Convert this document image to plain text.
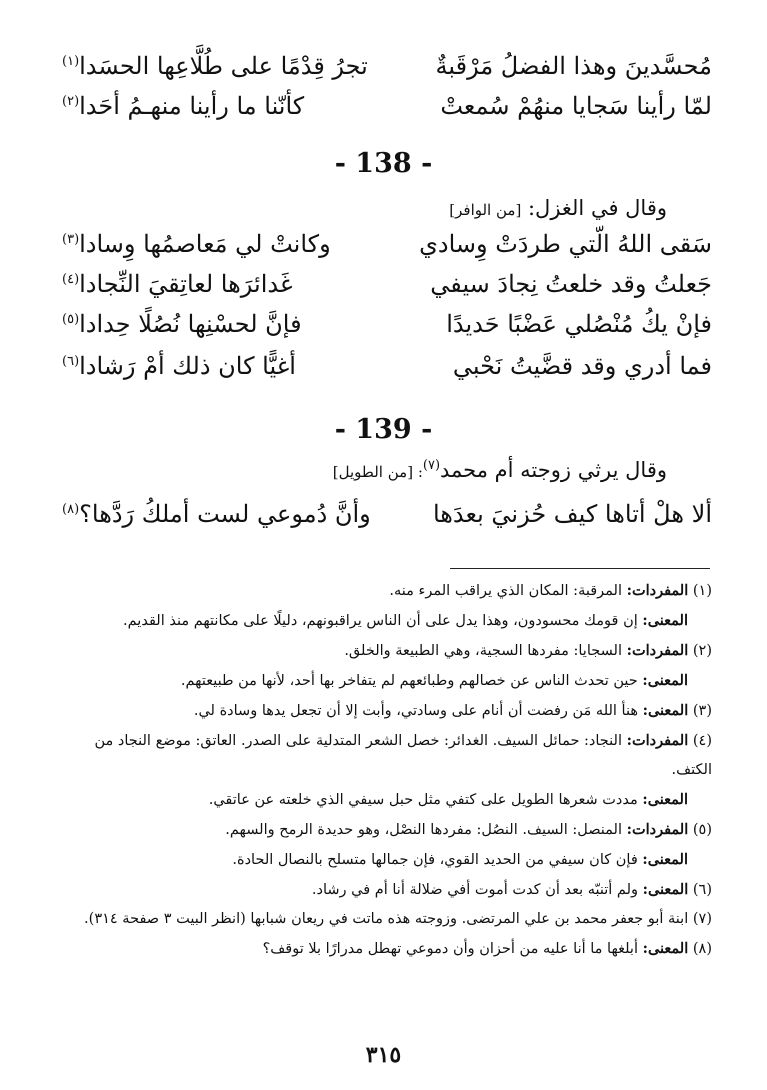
مُحسَّدينَ وهذا الفضلُ مَرْقَبةٌ
تجرُ قِدْمًا على طُلَّاعِها الحسَدا$^{(١)}$
لمّا رأينا سَجايا منهُمْ سُمعتْ
كأنّنا ما رأينا منهـمُ أحَدا$^{(٢)}$
- 138 -
وقال في الغزل: [من الوافر]
سَقى اللهُ الّتي طردَتْ وِسادي
وكانتْ لي مَعاصمُها وِسادا$^{(٣)}$
جَعلتُ وقد خلعتُ نِجادَ سيفي
غَدائرَها لعاتِقيَ النِّجادا$^{(٤)}$
فإنْ يكُ مُنْصُلي عَضْبًا حَديدًا
فإنَّ لحسْنِها نُصُلًا حِدادا$^{(٥)}$
فما أدري وقد قضَّيتُ نَحْبي
أغيًّا كان ذلك أمْ رَشادا$^{(٦)}$
- 139 -
وقال يرثي زوجته أم محمد$^{(٧)}$: [من الطويل]
ألا هلْ أتاها كيف حُزنيَ بعدَها
وأنَّ دُموعي لست أملكُ رَدَّها؟$^{(٨)}$

(١) المفردات: المرقبة: المكان الذي يراقب المرء منه.

المعنى: إن قومك محسودون، وهذا يدل على أن الناس يراقبونهم، دليلًا على مكانتهم منذ القديم.

(٢) المفردات: السجايا: مفردها السجية، وهي الطبيعة والخلق.

المعنى: حين تحدث الناس عن خصالهم وطبائعهم لم يتفاخر بها أحد، لأنها من طبيعتهم.

(٣) المعنى: هنأ الله مَن رفضت أن أنام على وسادتي، وأبت إلا أن تجعل يدها وسادة لي.

(٤) المفردات: النجاد: حمائل السيف. الغدائر: خصل الشعر المتدلية على الصدر. العاتق: موضع النجاد من الكتف.

المعنى: مددت شعرها الطويل على كتفي مثل حبل سيفي الذي خلعته عن عاتقي.

(٥) المفردات: المنصل: السيف. النصُل: مفردها النصْل، وهو حديدة الرمح والسهم.

المعنى: فإن كان سيفي من الحديد القوي، فإن جمالها متسلح بالنصال الحادة.

(٦) المعنى: ولم أتنبّه بعد أن كدت أموت أفي ضلالة أنا أم في رشاد.

(٧) ابنة أبو جعفر محمد بن علي المرتضى. وزوجته هذه ماتت في ريعان شبابها (انظر البيت ٣ صفحة ٣١٤).

(٨) المعنى: أبلغها ما أنا عليه من أحزان وأن دموعي تهطل مدرارًا بلا توقف؟

٣١٥
